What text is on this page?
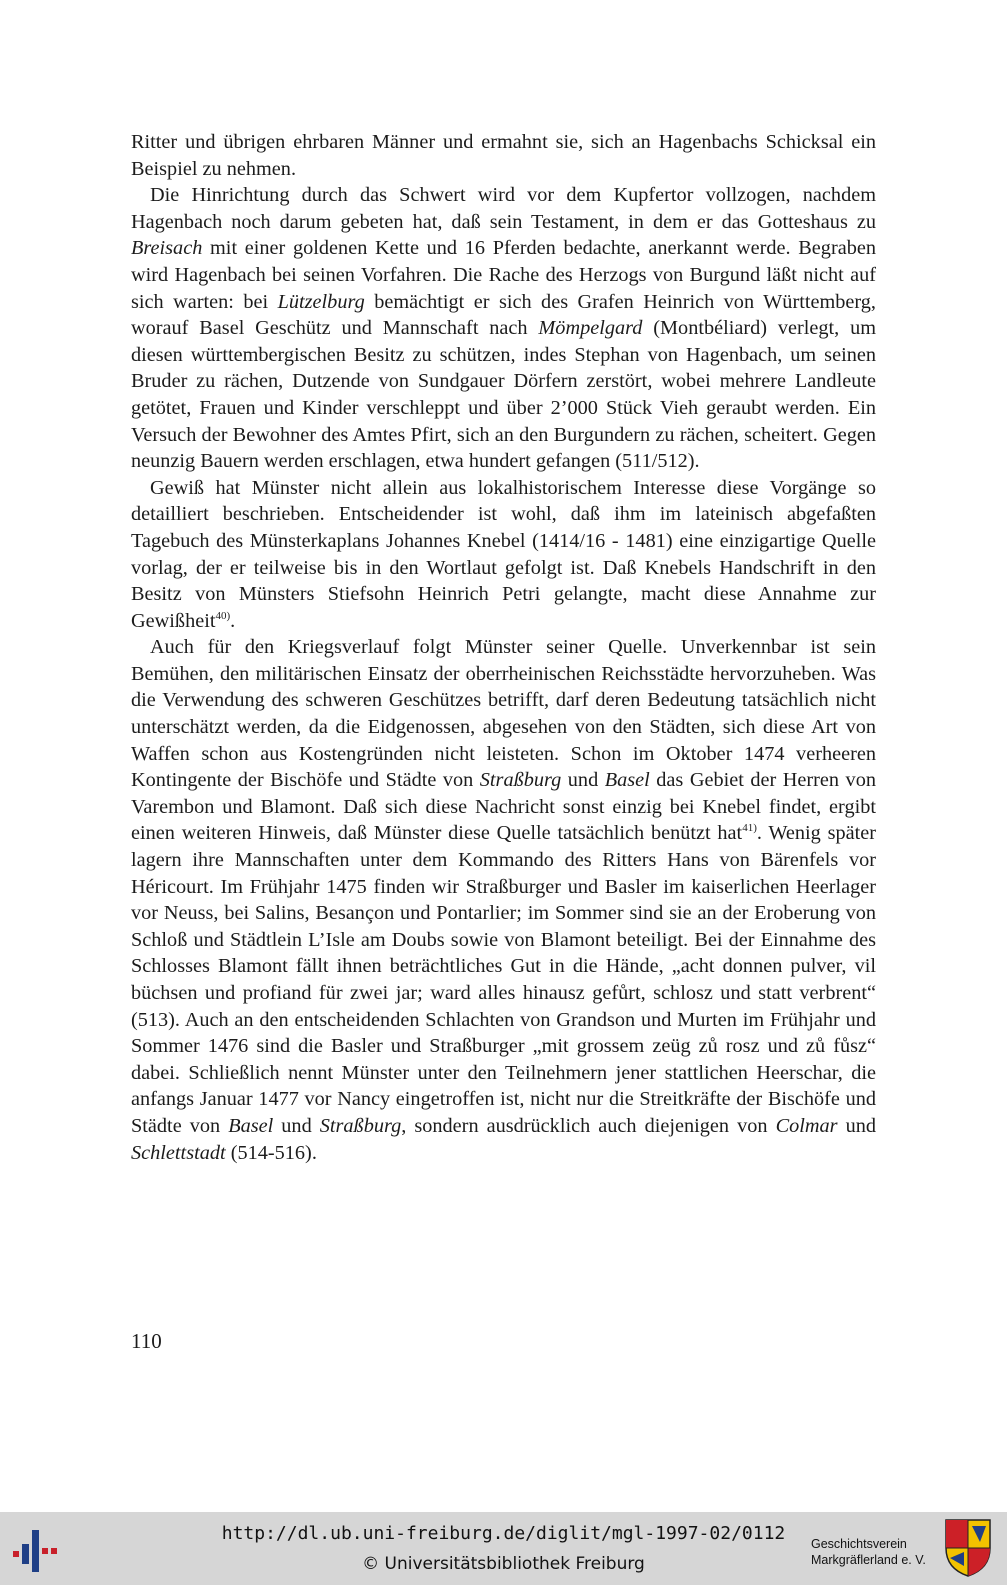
Ritter und übrigen ehrbaren Männer und ermahnt sie, sich an Hagenbachs Schicksal ein Beispiel zu nehmen.

Die Hinrichtung durch das Schwert wird vor dem Kupfertor vollzogen, nachdem Hagenbach noch darum gebeten hat, daß sein Testament, in dem er das Gotteshaus zu Breisach mit einer goldenen Kette und 16 Pferden bedachte, anerkannt werde. Begraben wird Hagenbach bei seinen Vorfahren. Die Rache des Herzogs von Burgund läßt nicht auf sich warten: bei Lützelburg bemächtigt er sich des Grafen Heinrich von Württemberg, worauf Basel Geschütz und Mannschaft nach Mömpelgard (Montbéliard) verlegt, um diesen württembergischen Besitz zu schützen, indes Stephan von Hagenbach, um seinen Bruder zu rächen, Dutzende von Sundgauer Dörfern zerstört, wobei mehrere Landleute getötet, Frauen und Kinder verschleppt und über 2’000 Stück Vieh geraubt werden. Ein Versuch der Bewohner des Amtes Pfirt, sich an den Burgundern zu rächen, scheitert. Gegen neunzig Bauern werden erschlagen, etwa hundert gefangen (511/512).

Gewiß hat Münster nicht allein aus lokalhistorischem Interesse diese Vorgänge so detailliert beschrieben. Entscheidender ist wohl, daß ihm im lateinisch abgefaßten Tagebuch des Münsterkaplans Johannes Knebel (1414/16 - 1481) eine einzigartige Quelle vorlag, der er teilweise bis in den Wortlaut gefolgt ist. Daß Knebels Handschrift in den Besitz von Münsters Stiefsohn Heinrich Petri gelangte, macht diese Annahme zur Gewißheit$^{40)}$.

Auch für den Kriegsverlauf folgt Münster seiner Quelle. Unverkennbar ist sein Bemühen, den militärischen Einsatz der oberrheinischen Reichsstädte hervorzuheben. Was die Verwendung des schweren Geschützes betrifft, darf deren Bedeutung tatsächlich nicht unterschätzt werden, da die Eidgenossen, abgesehen von den Städten, sich diese Art von Waffen schon aus Kostengründen nicht leisteten. Schon im Oktober 1474 verheeren Kontingente der Bischöfe und Städte von Straßburg und Basel das Gebiet der Herren von Varembon und Blamont. Daß sich diese Nachricht sonst einzig bei Knebel findet, ergibt einen weiteren Hinweis, daß Münster diese Quelle tatsächlich benützt hat$^{41)}$. Wenig später lagern ihre Mannschaften unter dem Kommando des Ritters Hans von Bärenfels vor Héricourt. Im Frühjahr 1475 finden wir Straßburger und Basler im kaiserlichen Heerlager vor Neuss, bei Salins, Besançon und Pontarlier; im Sommer sind sie an der Eroberung von Schloß und Städtlein L’Isle am Doubs sowie von Blamont beteiligt. Bei der Einnahme des Schlosses Blamont fällt ihnen beträchtliches Gut in die Hände, „acht donnen pulver, vil büchsen und profiand für zwei jar; ward alles hinausz gefůrt, schlosz und statt verbrent“ (513). Auch an den entscheidenden Schlachten von Grandson und Murten im Frühjahr und Sommer 1476 sind die Basler und Straßburger „mit grossem zeüg zů rosz und zů fůsz“ dabei. Schließlich nennt Münster unter den Teilnehmern jener stattlichen Heerschar, die anfangs Januar 1477 vor Nancy eingetroffen ist, nicht nur die Streitkräfte der Bischöfe und Städte von Basel und Straßburg, sondern ausdrücklich auch diejenigen von Colmar und Schlettstadt (514-516).

110
http://dl.ub.uni-freiburg.de/diglit/mgl-1997-02/0112
© Universitätsbibliothek Freiburg
Geschichtsverein
Markgräflerland e. V.
